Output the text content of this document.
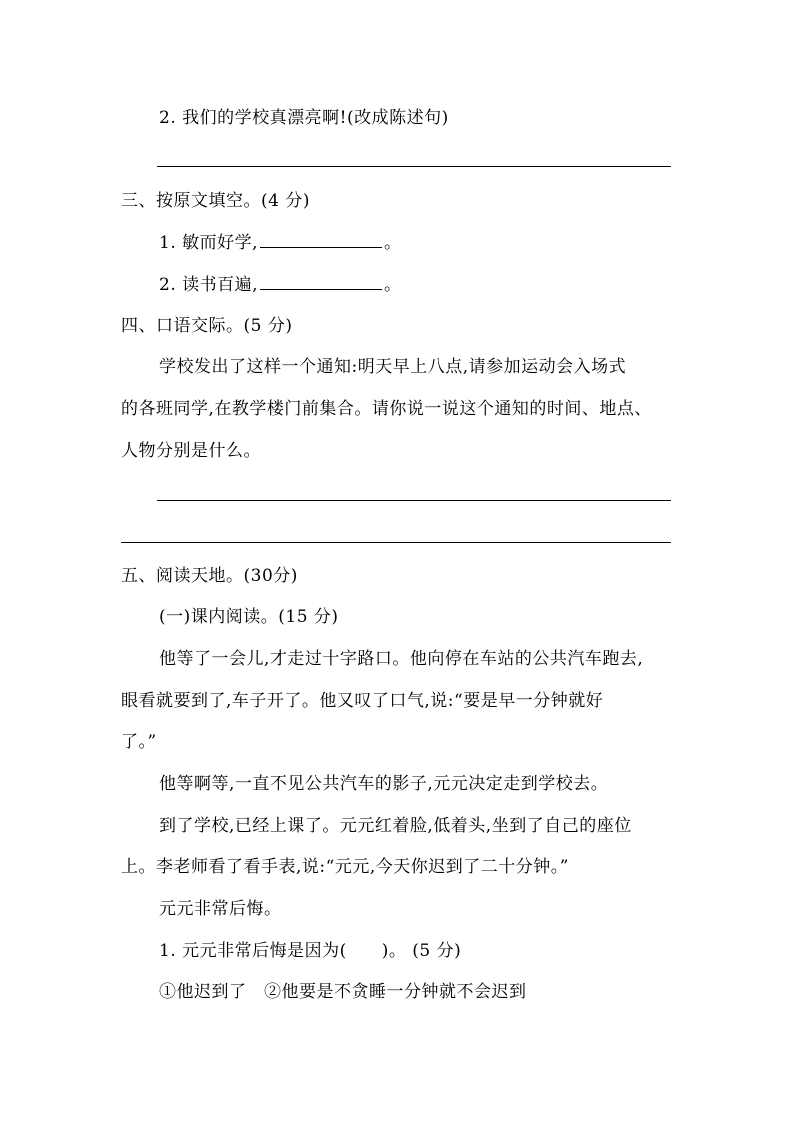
2. 我们的学校真漂亮啊!(改成陈述句)
三、按原文填空。(4 分)
1. 敏而好学,	。
2. 读书百遍,	。
四、口语交际。(5 分)
学校发出了这样一个通知:明天早上八点,请参加运动会入场式
的各班同学,在教学楼门前集合。请你说一说这个通知的时间、地点、
人物分别是什么。
五、阅读天地。(30分)
(一)课内阅读。(15 分)
他等了一会儿,才走过十字路口。他向停在车站的公共汽车跑去,
眼看就要到了,车子开了。他又叹了口气,说:“要是早一分钟就好
了。”
他等啊等,一直不见公共汽车的影子,元元决定走到学校去。
到了学校,已经上课了。元元红着脸,低着头,坐到了自己的座位
上。李老师看了看手表,说:“元元,今天你迟到了二十分钟。”
元元非常后悔。
1. 元元非常后悔是因为(　　)。 (5 分)
①他迟到了　②他要是不贪睡一分钟就不会迟到
